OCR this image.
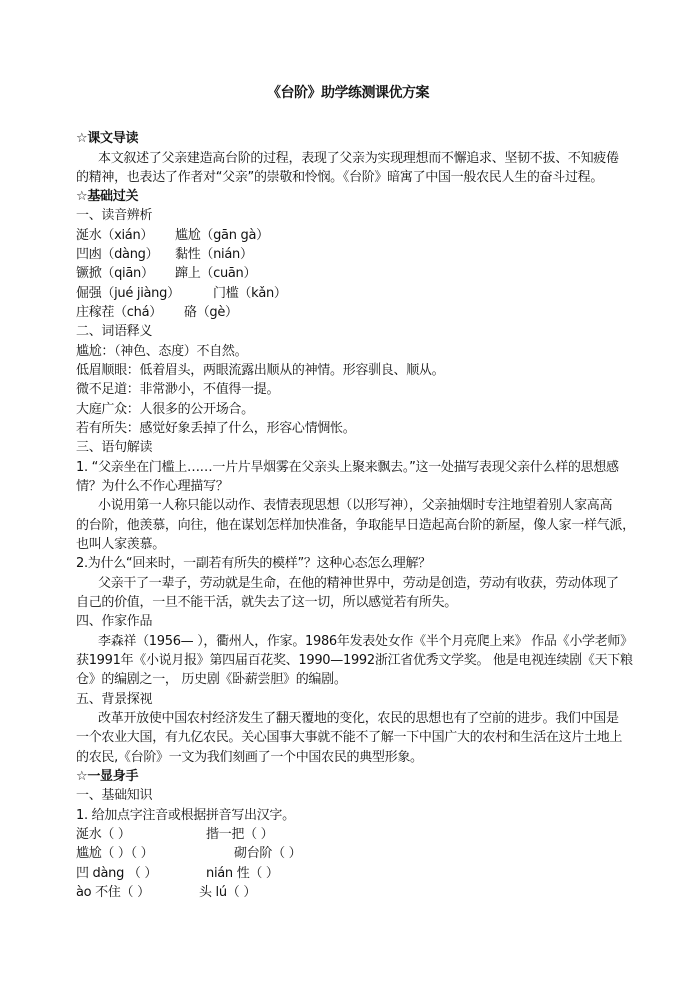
《台阶》助学练测课优方案
☆课文导读
本文叙述了父亲建造高台阶的过程，表现了父亲为实现理想而不懈追求、坚韧不拔、不知疲倦
的精神，也表达了作者对“父亲”的崇敬和怜悯。《台阶》暗寓了中国一般农民人生的奋斗过程。
☆基础过关
一、读音辨析
涎水（xián） 尴尬（gān gà）
凹凼（dàng） 黏性（nián）
镢掀（qiān） 蹿上（cuān）
倔强（jué jiàng）	门槛（kǎn）
庄稼茬（chá） 硌（gè）
二、词语释义
尴尬：（神色、态度）不自然。
低眉顺眼：低着眉头，两眼流露出顺从的神情。形容驯良、顺从。
微不足道：非常渺小，不值得一提。
大庭广众：人很多的公开场合。
若有所失：感觉好象丢掉了什么，形容心情惆怅。
三、语句解读
1. “父亲坐在门槛上……一片片旱烟雾在父亲头上聚来飘去。”这一处描写表现父亲什么样的思想感
情？为什么不作心理描写？
小说用第一人称只能以动作、表情表现思想（以形写神），父亲抽烟时专注地望着别人家高高
的台阶，他羡慕，向往，他在谋划怎样加快准备，争取能早日造起高台阶的新屋，像人家一样气派，
也叫人家羡慕。
2.为什么“回来时，一副若有所失的模样”？这种心态怎么理解？
父亲干了一辈子，劳动就是生命，在他的精神世界中，劳动是创造，劳动有收获，劳动体现了
自己的价值，一旦不能干活，就失去了这一切，所以感觉若有所失。
四、作家作品
李森祥（1956— ），衢州人，作家。1986年发表处女作《半个月亮爬上来》 作品《小学老师》
获1991年《小说月报》第四届百花奖、1990—1992浙江省优秀文学奖。 他是电视连续剧《天下粮
仓》的编剧之一， 历史剧《卧薪尝胆》的编剧。
五、背景探视
改革开放使中国农村经济发生了翻天覆地的变化，农民的思想也有了空前的进步。我们中国是
一个农业大国，有九亿农民。关心国事大事就不能不了解一下中国广大的农村和生活在这片土地上
的农民,《台阶》一文为我们刻画了一个中国农民的典型形象。
☆一显身手
一、基础知识
1. 给加点字注音或根据拼音写出汉字。
涎水（ ）	揩一把（ ）
尴尬（ ）（ ）	砌台阶（ ）
凹 dàng （ ）	nián 性（ ）
ào 不住（ ）	头 lú（ ）
